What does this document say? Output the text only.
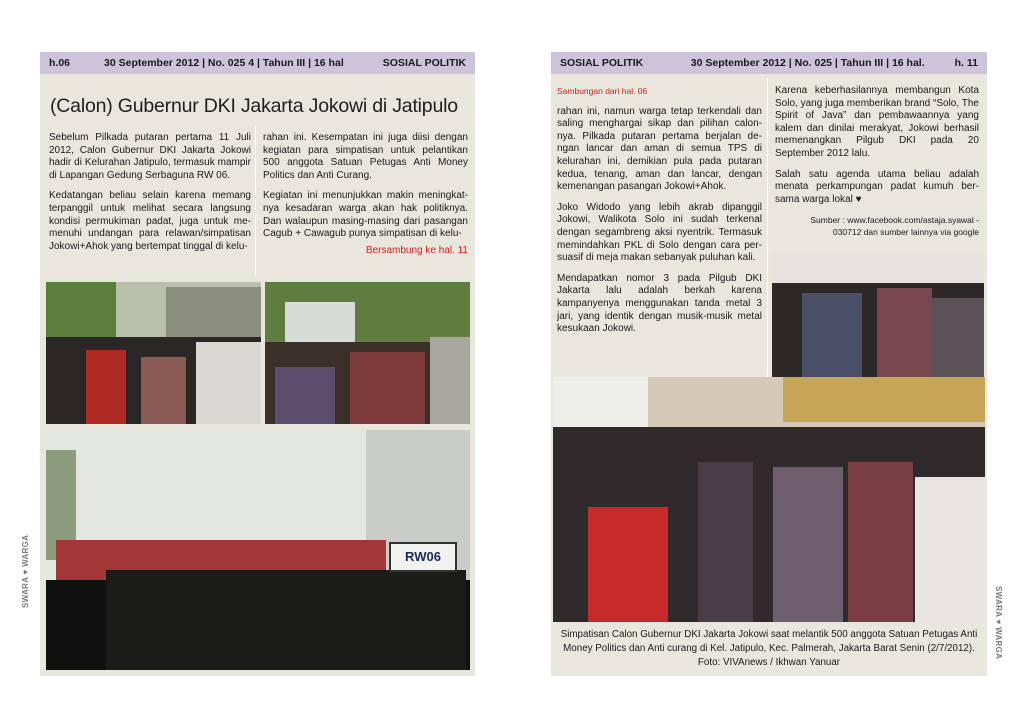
h.06	30 September 2012 | No. 025 4 | Tahun III | 16 hal	SOSIAL POLITIK
(Calon) Gubernur DKI Jakarta Jokowi di Jatipulo

Sebelum Pilkada putaran pertama 11 Juli 2012, Calon Gubernur DKI Jakarta Jokowi hadir di Kelurahan Jatipulo, termasuk mampir di Lapangan Gedung Serbaguna RW 06.

Kedatangan beliau selain karena memang terpanggil untuk melihat secara langsung kondisi permukiman padat, juga untuk me-menuhi undangan para relawan/simpatisan Jokowi+Ahok yang bertempat tinggal di kelu-

rahan ini. Kesempatan ini juga diisi dengan kegiatan para simpatisan untuk pelantikan 500 anggota Satuan Petugas Anti Money Politics dan Anti Curang.

Kegiatan ini menunjukkan makin meningkat-nya kesadaran warga akan hak politiknya. Dan walaupun masing-masing dari pasangan Cagub + Cawagub punya simpatisan di kelu-

Bersambung ke hal. 11
RW06
SWARA ♥ WARGA
SOSIAL POLITIK	30 September 2012 | No. 025 | Tahun III | 16 hal.	h. 11
Sambungan dari hal. 06

rahan ini, namun warga tetap terkendali dan saling menghargai sikap dan pilihan calon-nya. Pilkada putaran pertama berjalan de-ngan lancar dan aman di semua TPS di kelurahan ini, demikian pula pada putaran kedua, tenang, aman dan lancar, dengan kemenangan pasangan Jokowi+Ahok.

Joko Widodo yang lebih akrab dipanggil Jokowi, Walikota Solo ini sudah terkenal dengan segambreng aksi nyentrik. Termasuk memindahkan PKL di Solo dengan cara per-suasif di meja makan sebanyak puluhan kali.

Mendapatkan nomor 3 pada Pilgub DKI Jakarta lalu adalah berkah karena kampanyenya menggunakan tanda metal 3 jari, yang identik dengan musik-musik metal kesukaan Jokowi.

Karena keberhasilannya membangun Kota Solo, yang juga memberikan brand “Solo, The Spirit of Java” dan pembawaannya yang kalem dan dinilai merakyat, Jokowi berhasil memenangkan Pilgub DKI pada 20 September 2012 lalu.

Salah satu agenda utama beliau adalah menata perkampungan padat kumuh ber-sama warga lokal ♥

Sumber : www.facebook.com/astaja.syawal -
030712 dan sumber lainnya via google
Simpatisan Calon Gubernur DKI Jakarta Jokowi saat melantik 500 anggota Satuan Petugas Anti Money Politics dan Anti curang di Kel. Jatipulo, Kec. Palmerah, Jakarta Barat Senin (2/7/2012). Foto: VIVAnews / Ikhwan Yanuar
SWARA ♥ WARGA
